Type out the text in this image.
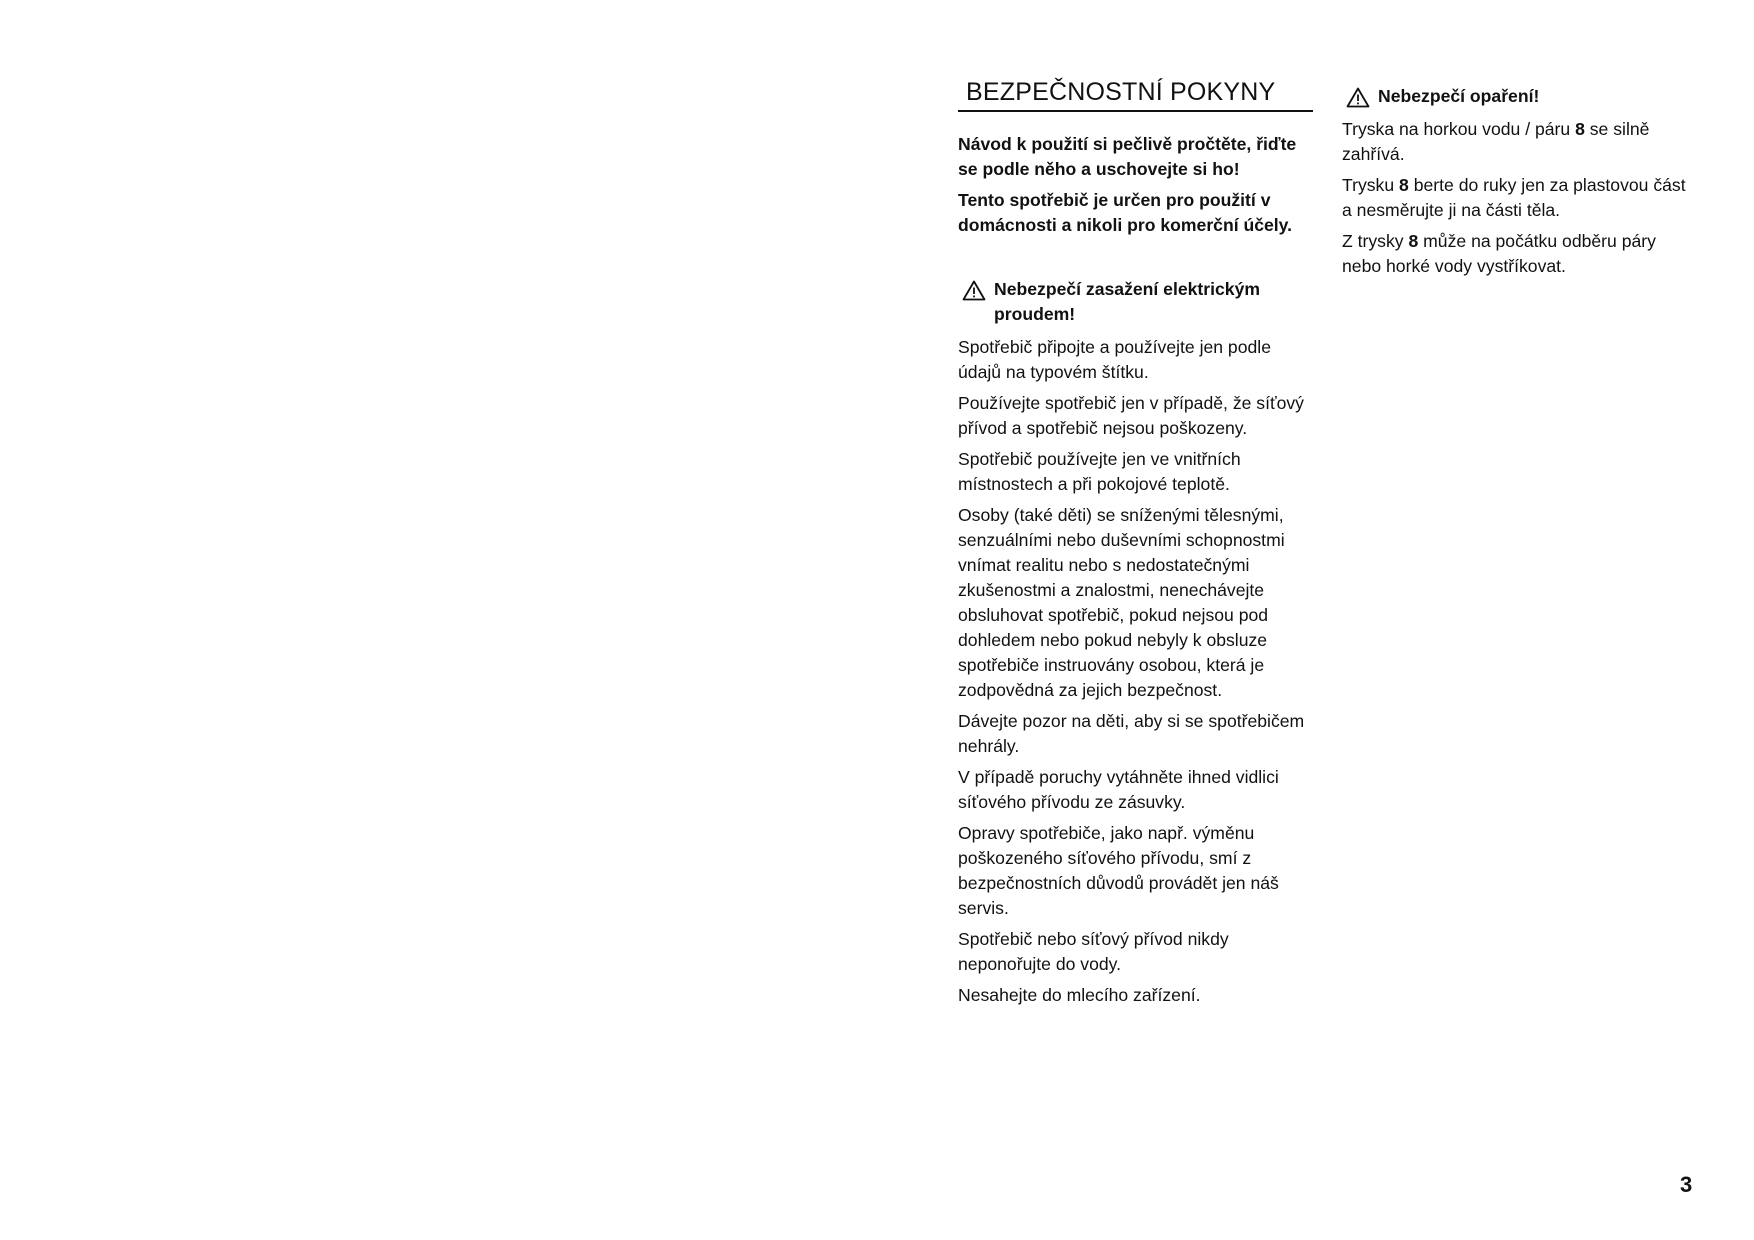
BEZPEČNOSTNÍ POKYNY

Návod k použití si pečlivě pročtěte, řiďte se podle něho a uschovejte si ho!

Tento spotřebič je určen pro použití v domácnosti a nikoli pro komerční účely.

Nebezpečí zasažení elektrickým proudem!

Spotřebič připojte a používejte jen podle údajů na typovém štítku.

Používejte spotřebič jen v případě, že síťový přívod a spotřebič nejsou poškozeny.

Spotřebič používejte jen ve vnitřních místnostech a při pokojové teplotě.

Osoby (také děti) se sníženými tělesnými, senzuálními nebo duševními schopnostmi vnímat realitu nebo s nedostatečnými zkušenostmi a znalostmi, nenechávejte obsluhovat spotřebič, pokud nejsou pod dohledem nebo pokud nebyly k obsluze spotřebiče instruovány osobou, která je zodpovědná za jejich bezpečnost.

Dávejte pozor na děti, aby si se spotřebičem nehrály.

V případě poruchy vytáhněte ihned vidlici síťového přívodu ze zásuvky.

Opravy spotřebiče, jako např. výměnu poškozeného síťového přívodu, smí z bezpečnostních důvodů provádět jen náš servis.

Spotřebič nebo síťový přívod nikdy neponořujte do vody.

Nesahejte do mlecího zařízení.

Nebezpečí opaření!

Tryska na horkou vodu / páru 8 se silně zahřívá.

Trysku 8 berte do ruky jen za plastovou část a nesměrujte ji na části těla.

Z trysky 8 může na počátku odběru páry nebo horké vody vystříkovat.

3
